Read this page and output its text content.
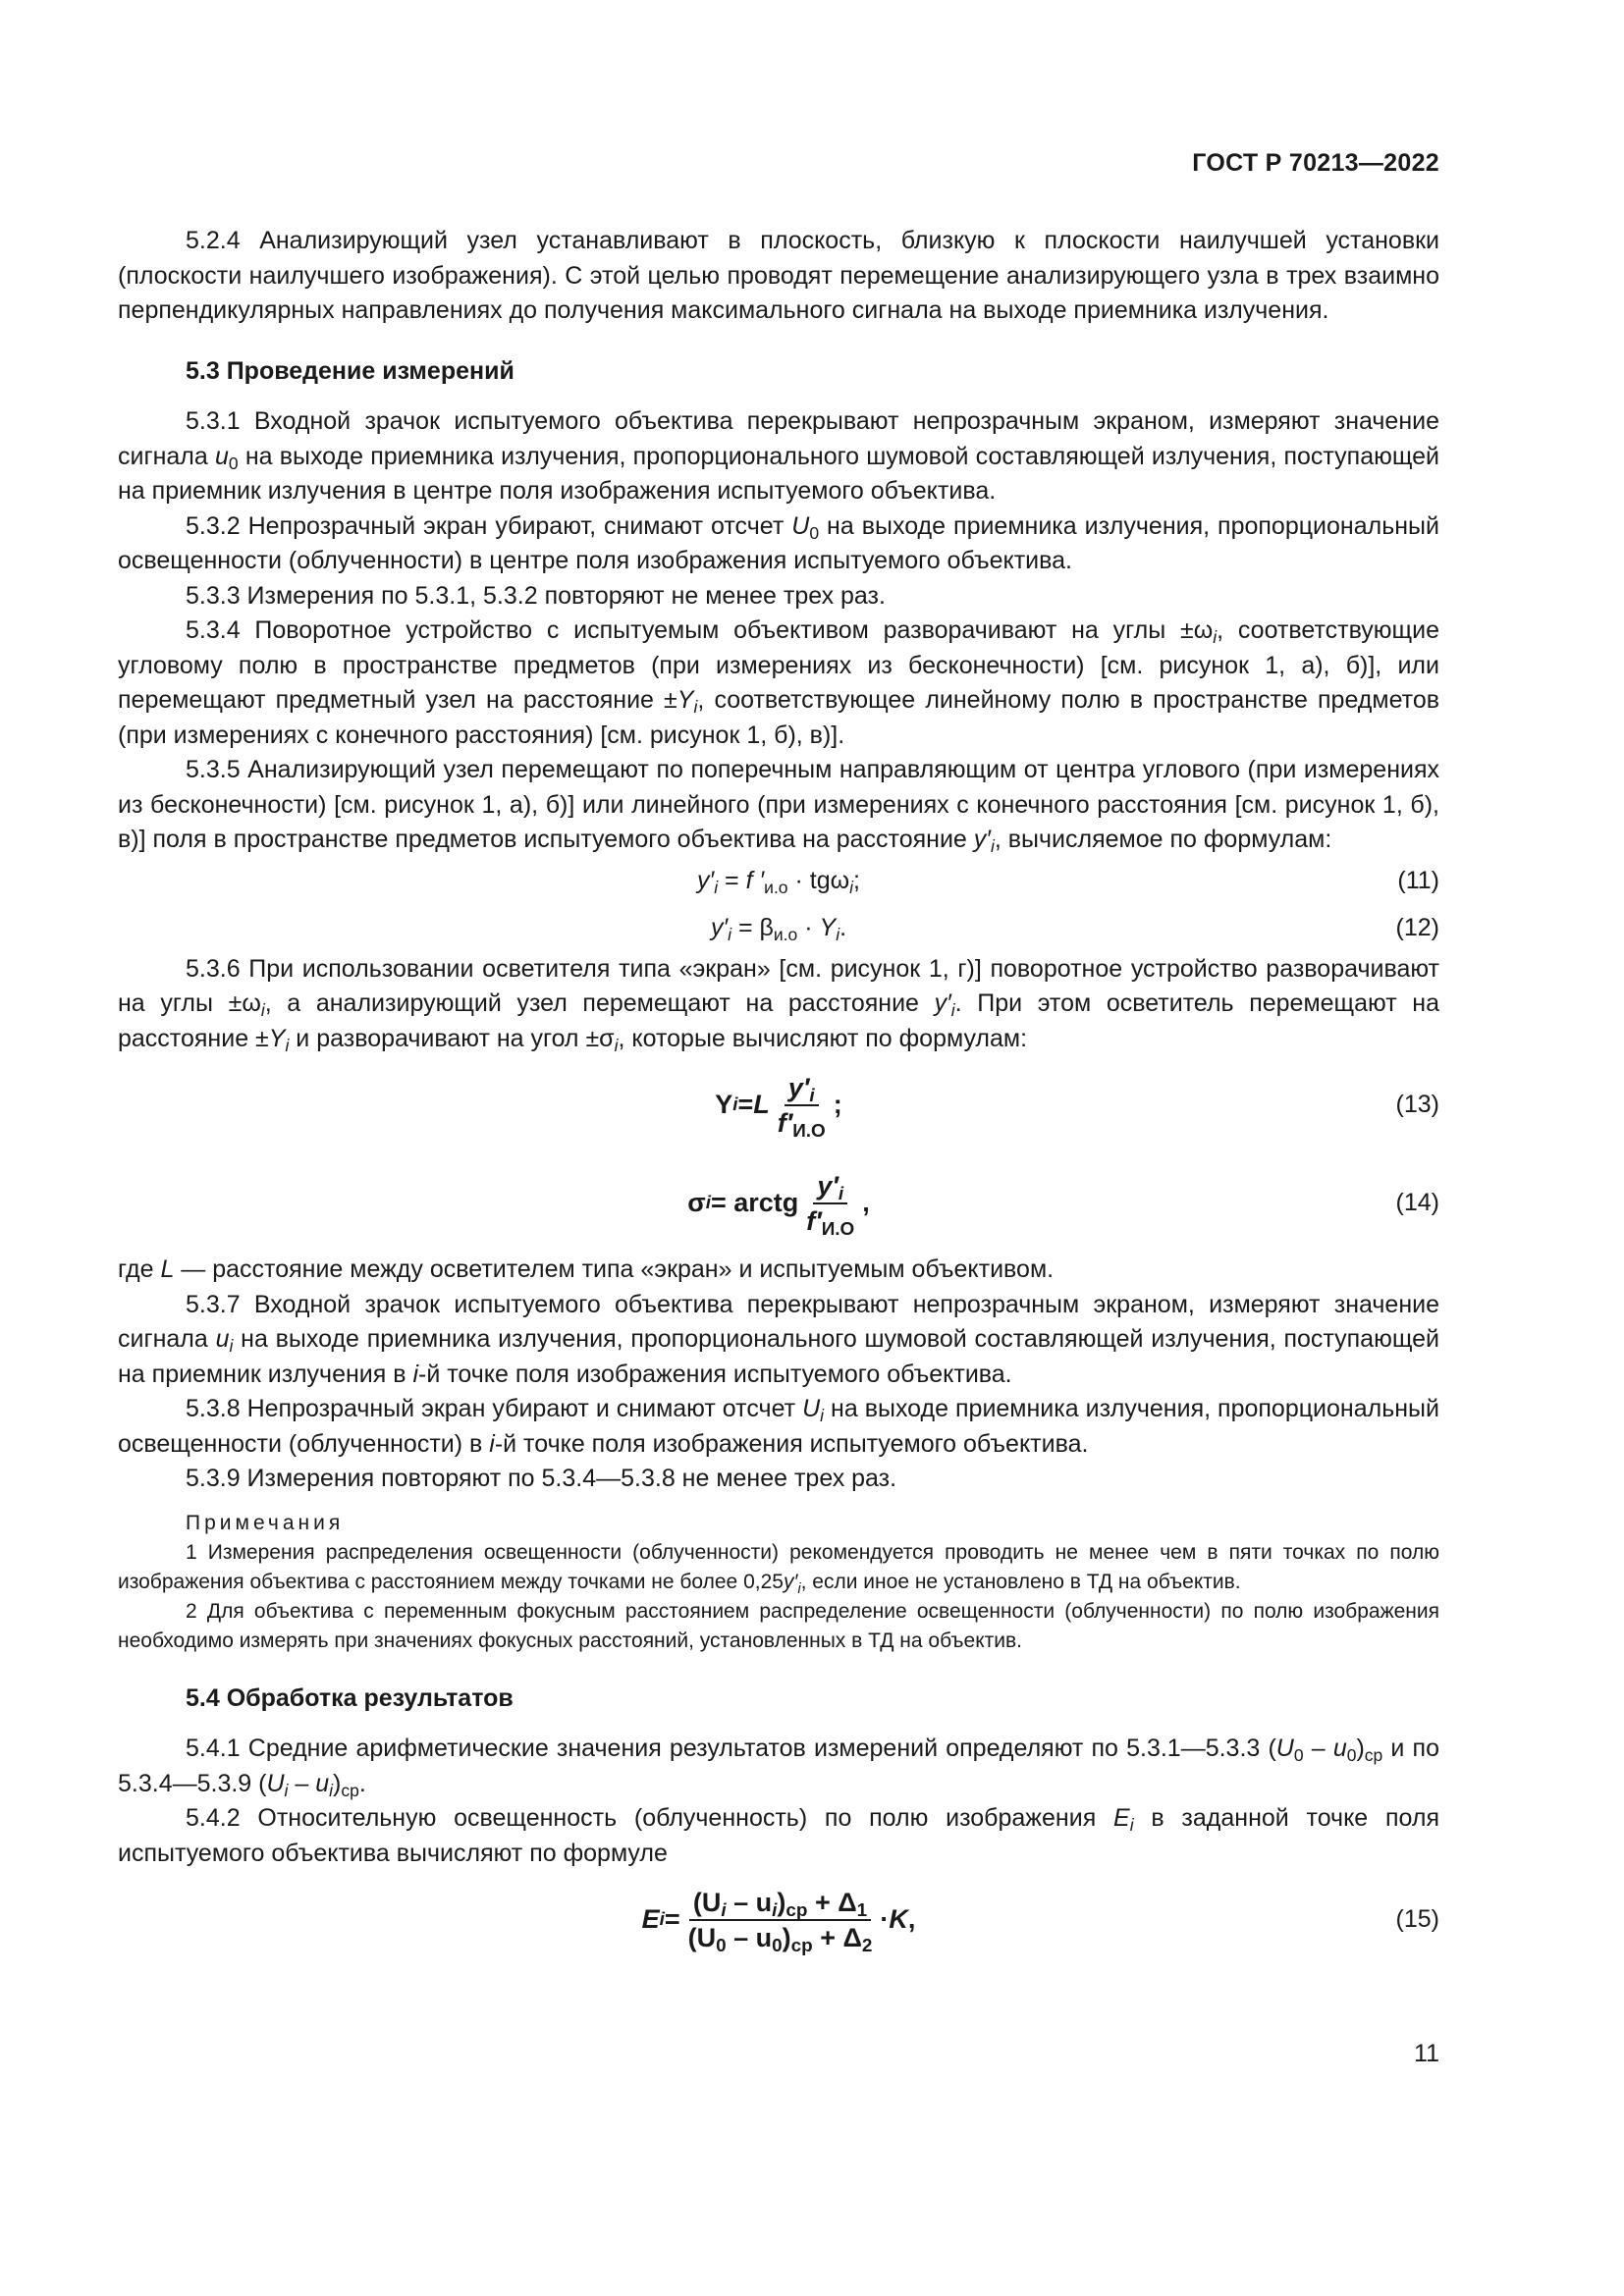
ГОСТ Р 70213—2022

5.2.4 Анализирующий узел устанавливают в плоскость, близкую к плоскости наилучшей установки (плоскости наилучшего изображения). С этой целью проводят перемещение анализирующего узла в трех взаимно перпендикулярных направлениях до получения максимального сигнала на выходе приемника излучения.

5.3 Проведение измерений

5.3.1 Входной зрачок испытуемого объектива перекрывают непрозрачным экраном, измеряют значение сигнала $u_0$ на выходе приемника излучения, пропорционального шумовой составляющей излучения, поступающей на приемник излучения в центре поля изображения испытуемого объектива.

5.3.2 Непрозрачный экран убирают, снимают отсчет $U_0$ на выходе приемника излучения, пропорциональный освещенности (облученности) в центре поля изображения испытуемого объектива.

5.3.3 Измерения по 5.3.1, 5.3.2 повторяют не менее трех раз.

5.3.4 Поворотное устройство с испытуемым объективом разворачивают на углы $\pm\omega_i$, соответствующие угловому полю в пространстве предметов (при измерениях из бесконечности) [см. рисунок 1, а), б)], или перемещают предметный узел на расстояние $\pm Y_i$, соответствующее линейному полю в пространстве предметов (при измерениях с конечного расстояния) [см. рисунок 1, б), в)].

5.3.5 Анализирующий узел перемещают по поперечным направляющим от центра углового (при измерениях из бесконечности) [см. рисунок 1, а), б)] или линейного (при измерениях с конечного расстояния [см. рисунок 1, б), в)] поля в пространстве предметов испытуемого объектива на расстояние $y'_i$, вычисляемое по формулам:

$y'_i = f$ $'_{и.о} \cdot tg\omega_i$;	(11)
$y'_i = \beta_{и.о} \cdot Y_i$.	(12)

5.3.6 При использовании осветителя типа «экран» [см. рисунок 1, г)] поворотное устройство разворачивают на углы $\pm\omega_i$, а анализирующий узел перемещают на расстояние $y'_i$. При этом осветитель перемещают на расстояние $\pm Y_i$ и разворачивают на угол $\pm\sigma_i$, которые вычисляют по формулам:

Y i = L $\frac{y'_i}{f'_{И.О}}$ ;	(13)
σ i = arctg $\frac{y'_i}{f'_{И.О}}$ ,	(14)

где L — расстояние между осветителем типа «экран» и испытуемым объективом.

5.3.7 Входной зрачок испытуемого объектива перекрывают непрозрачным экраном, измеряют значение сигнала $u_i$ на выходе приемника излучения, пропорционального шумовой составляющей излучения, поступающей на приемник излучения в i-й точке поля изображения испытуемого объектива.

5.3.8 Непрозрачный экран убирают и снимают отсчет $U_i$ на выходе приемника излучения, пропорциональный освещенности (облученности) в i-й точке поля изображения испытуемого объектива.

5.3.9 Измерения повторяют по 5.3.4—5.3.8 не менее трех раз.

Примечания

1 Измерения распределения освещенности (облученности) рекомендуется проводить не менее чем в пяти точках по полю изображения объектива с расстоянием между точками не более $0,25y'_i$, если иное не установлено в ТД на объектив.

2 Для объектива с переменным фокусным расстоянием распределение освещенности (облученности) по полю изображения необходимо измерять при значениях фокусных расстояний, установленных в ТД на объектив.

5.4 Обработка результатов

5.4.1 Средние арифметические значения результатов измерений определяют по 5.3.1—5.3.3 $(U_0 - u_0)_{ср}$ и по 5.3.4—5.3.9 $(U_i - u_i)_{ср}$.

5.4.2 Относительную освещенность (облученность) по полю изображения $E_i$ в заданной точке поля испытуемого объектива вычисляют по формуле

E $i = \frac{(U_i - u_i)_{ср} + \Delta_1}{(U_0 - u_0)_{ср} + \Delta_2} \cdot K$ ,	(15)
11
